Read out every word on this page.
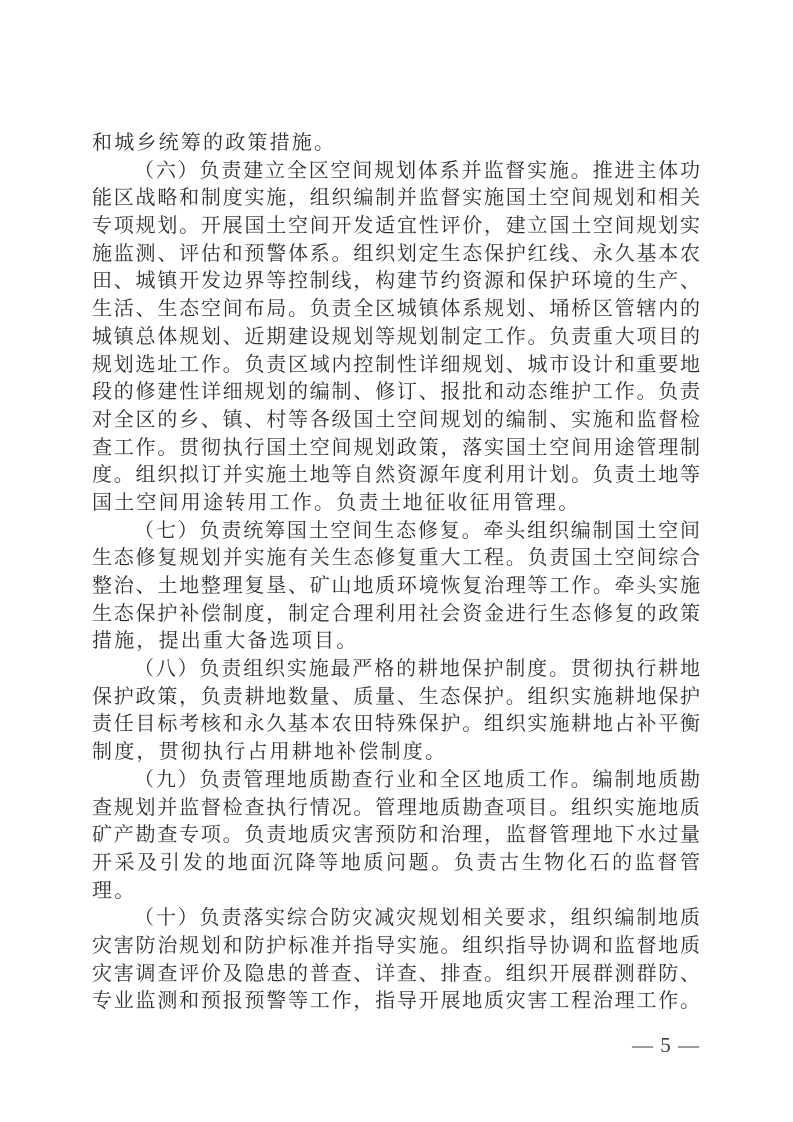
和城乡统筹的政策措施。
（六）负责建立全区空间规划体系并监督实施。推进主体功
能区战略和制度实施，组织编制并监督实施国土空间规划和相关
专项规划。开展国土空间开发适宜性评价，建立国土空间规划实
施监测、评估和预警体系。组织划定生态保护红线、永久基本农
田、城镇开发边界等控制线，构建节约资源和保护环境的生产、
生活、生态空间布局。负责全区城镇体系规划、埇桥区管辖内的
城镇总体规划、近期建设规划等规划制定工作。负责重大项目的
规划选址工作。负责区域内控制性详细规划、城市设计和重要地
段的修建性详细规划的编制、修订、报批和动态维护工作。负责
对全区的乡、镇、村等各级国土空间规划的编制、实施和监督检
查工作。贯彻执行国土空间规划政策，落实国土空间用途管理制
度。组织拟订并实施土地等自然资源年度利用计划。负责土地等
国土空间用途转用工作。负责土地征收征用管理。
（七）负责统筹国土空间生态修复。牵头组织编制国土空间
生态修复规划并实施有关生态修复重大工程。负责国土空间综合
整治、土地整理复垦、矿山地质环境恢复治理等工作。牵头实施
生态保护补偿制度，制定合理利用社会资金进行生态修复的政策
措施，提出重大备选项目。
（八）负责组织实施最严格的耕地保护制度。贯彻执行耕地
保护政策，负责耕地数量、质量、生态保护。组织实施耕地保护
责任目标考核和永久基本农田特殊保护。组织实施耕地占补平衡
制度，贯彻执行占用耕地补偿制度。
（九）负责管理地质勘查行业和全区地质工作。编制地质勘
查规划并监督检查执行情况。管理地质勘查项目。组织实施地质
矿产勘查专项。负责地质灾害预防和治理，监督管理地下水过量
开采及引发的地面沉降等地质问题。负责古生物化石的监督管
理。
（十）负责落实综合防灾减灾规划相关要求，组织编制地质
灾害防治规划和防护标准并指导实施。组织指导协调和监督地质
灾害调查评价及隐患的普查、详查、排查。组织开展群测群防、
专业监测和预报预警等工作，指导开展地质灾害工程治理工作。
— 5 —
